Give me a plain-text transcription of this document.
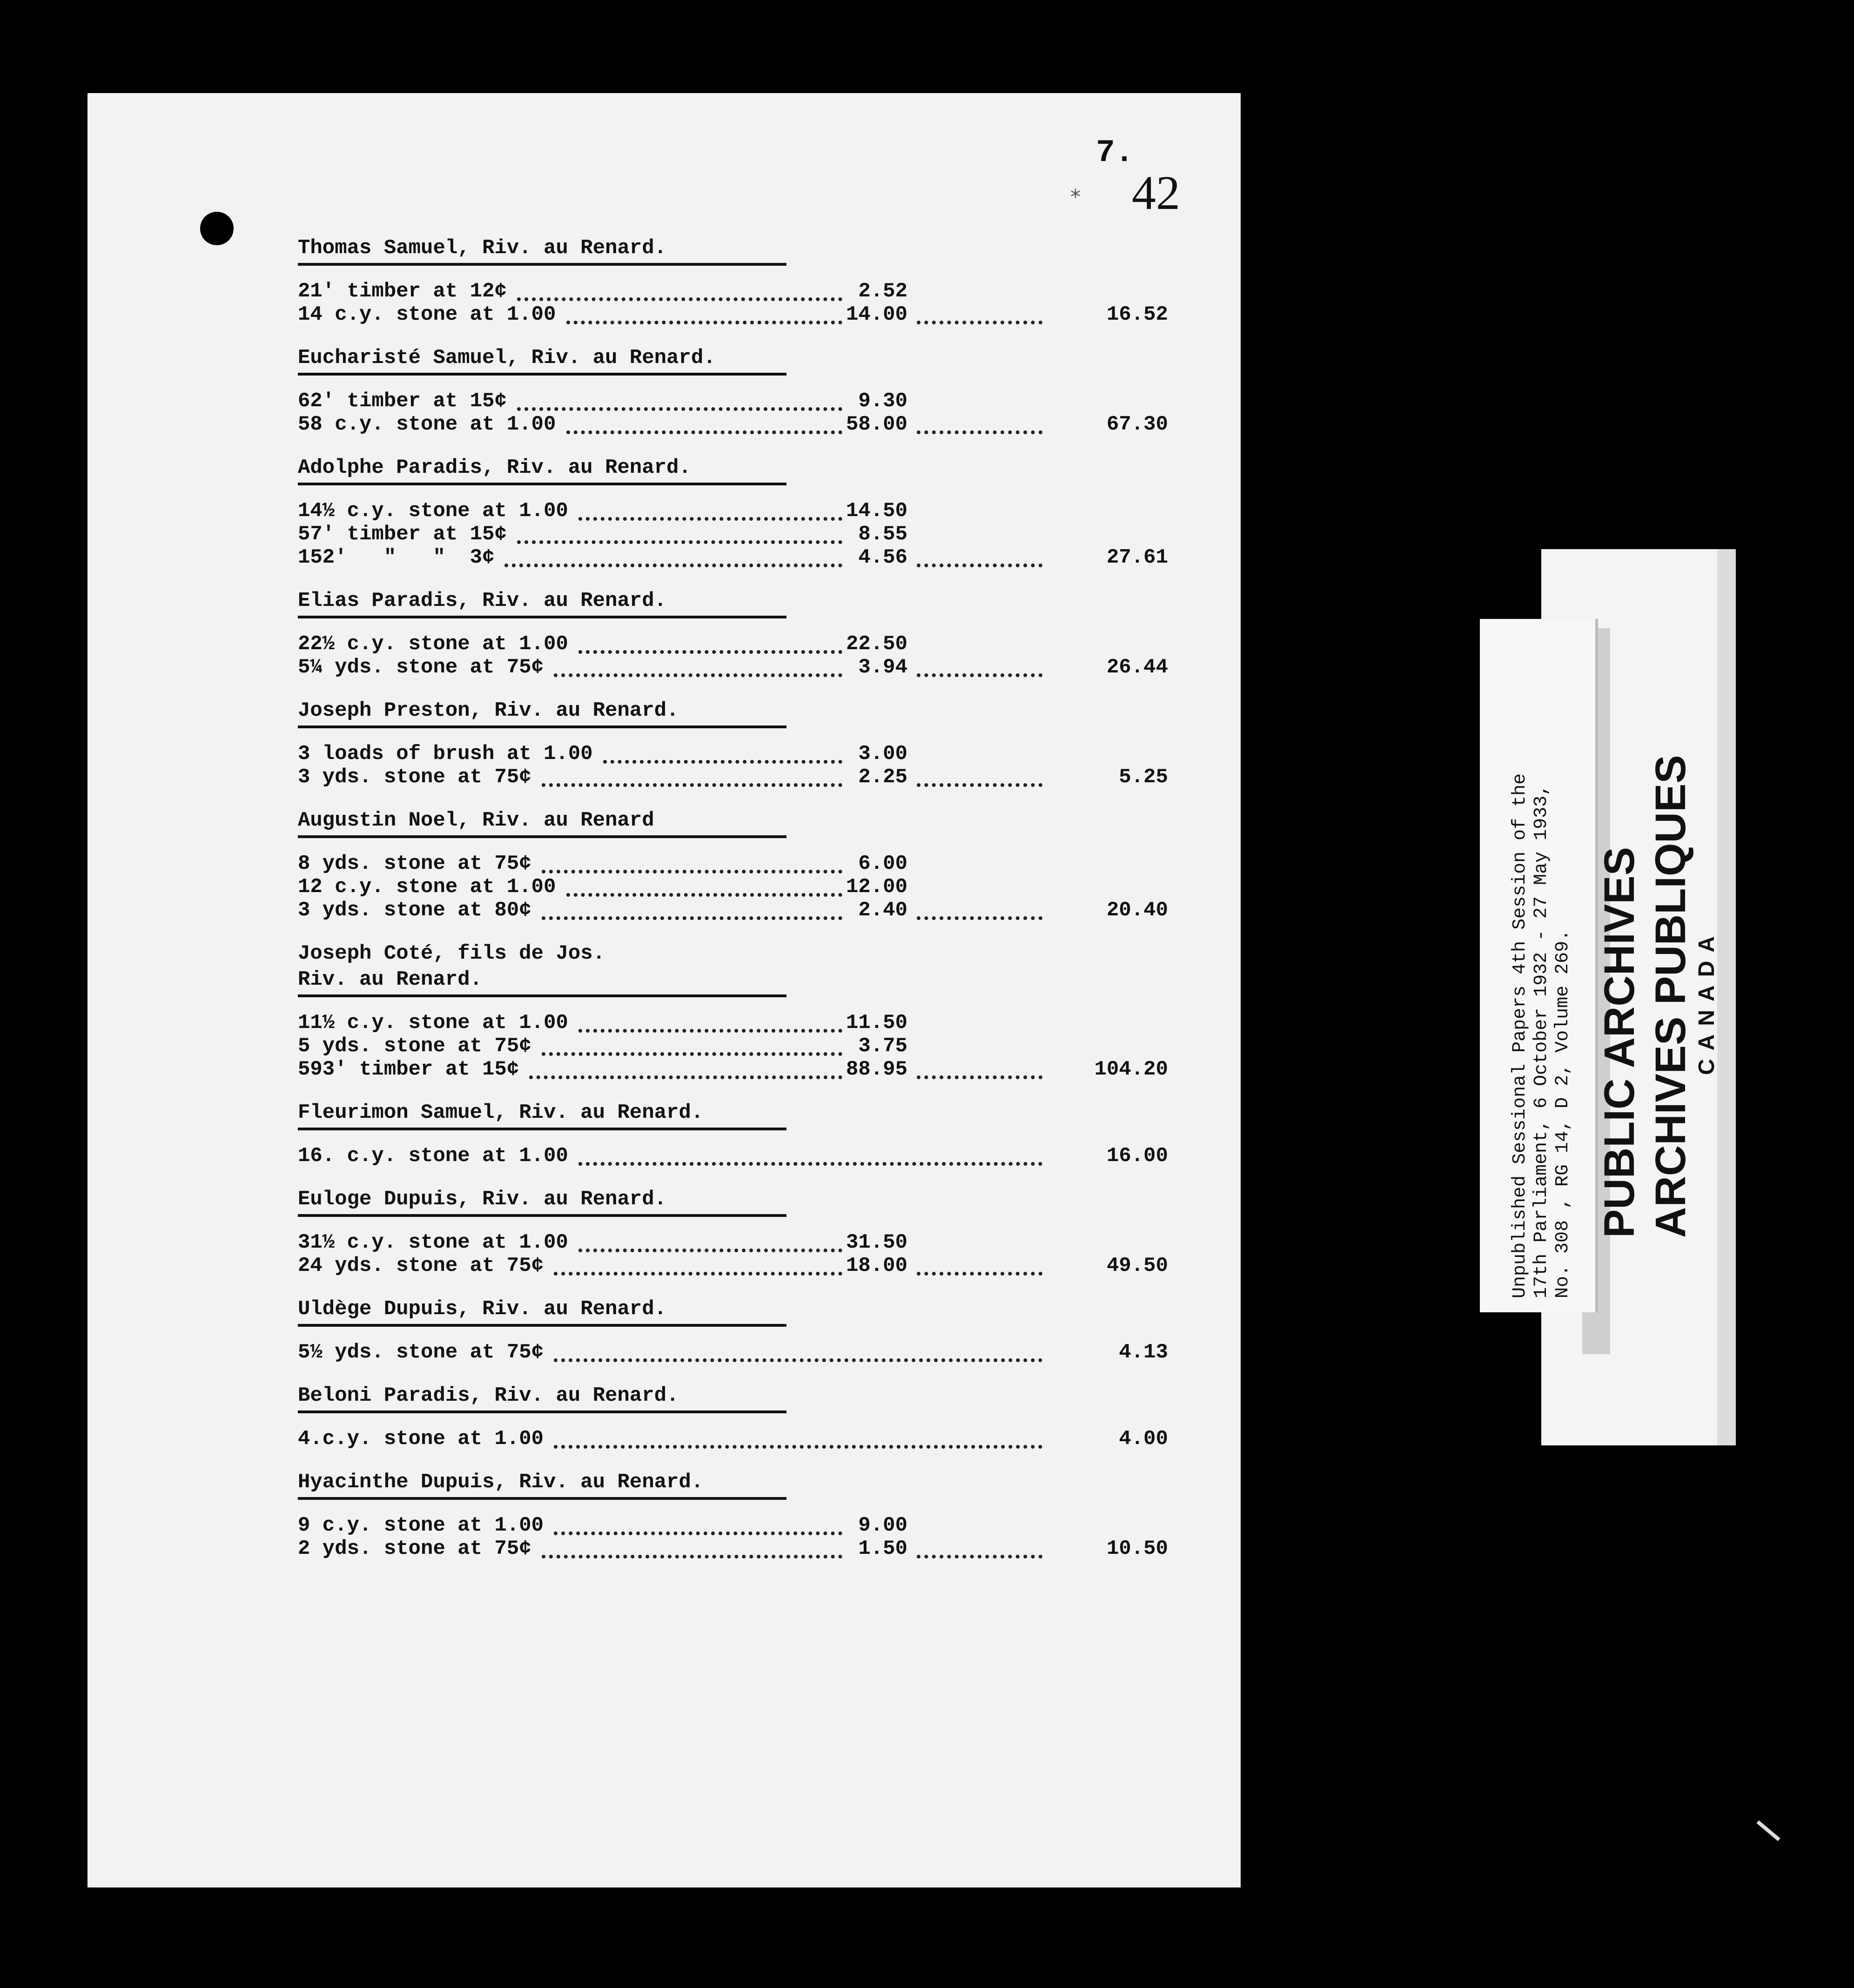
7.
* 42
Thomas Samuel, Riv. au Renard.
21' timber at 12¢	2.52
14 c.y. stone at 1.00	14.00	16.52
Eucharisté Samuel, Riv. au Renard.
62' timber at 15¢	9.30
58 c.y. stone at 1.00	58.00	67.30
Adolphe Paradis, Riv. au Renard.
14½ c.y. stone at 1.00	14.50
57' timber at 15¢	8.55
152'   "   "  3¢	4.56	27.61
Elias Paradis, Riv. au Renard.
22½ c.y. stone at 1.00	22.50
5¼ yds. stone at 75¢	3.94	26.44
Joseph Preston, Riv. au Renard.
3 loads of brush at 1.00	3.00
3 yds. stone at 75¢	2.25	5.25
Augustin Noel, Riv. au Renard
8 yds. stone at 75¢	6.00
12 c.y. stone at 1.00	12.00
3 yds. stone at 80¢	2.40	20.40
Joseph Coté, fils de Jos.
Riv. au Renard.
11½ c.y. stone at 1.00	11.50
5 yds. stone at 75¢	3.75
593' timber at 15¢	88.95	104.20
Fleurimon Samuel, Riv. au Renard.
16. c.y. stone at 1.00	16.00
Euloge Dupuis, Riv. au Renard.
31½ c.y. stone at 1.00	31.50
24 yds. stone at 75¢	18.00	49.50
Uldège Dupuis, Riv. au Renard.
5½ yds. stone at 75¢	4.13
Beloni Paradis, Riv. au Renard.
4.c.y. stone at 1.00	4.00
Hyacinthe Dupuis, Riv. au Renard.
9 c.y. stone at 1.00	9.00
2 yds. stone at 75¢	1.50	10.50
PUBLIC ARCHIVES ARCHIVES PUBLIQUES CANADA
Unpublished Sessional Papers 4th Session of the 17th Parliament, 6 October 1932 - 27 May 1933, No. 308 , RG 14, D 2, Volume 269.
